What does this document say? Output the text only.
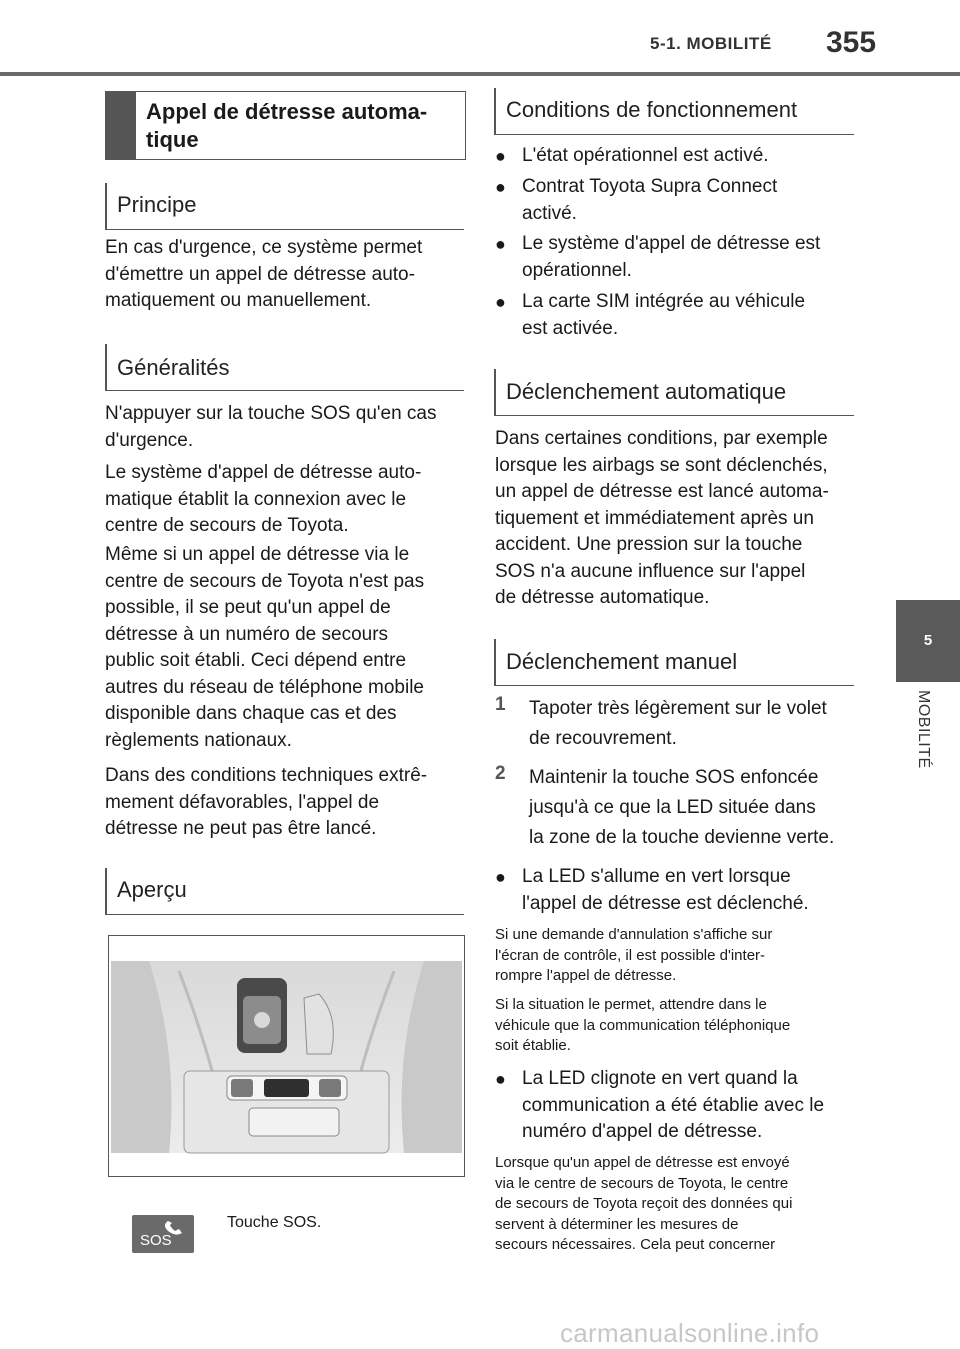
5-1. MOBILITÉ 355
5
MOBILITÉ
Appel de détresse automa-
tique
Principe
En cas d'urgence, ce système permet
d'émettre un appel de détresse auto-
matiquement ou manuellement.
Généralités
N'appuyer sur la touche SOS qu'en cas
d'urgence.
Le système d'appel de détresse auto-
matique établit la connexion avec le
centre de secours de Toyota.
Même si un appel de détresse via le
centre de secours de Toyota n'est pas
possible, il se peut qu'un appel de
détresse à un numéro de secours
public soit établi. Ceci dépend entre
autres du réseau de téléphone mobile
disponible dans chaque cas et des
règlements nationaux.
Dans des conditions techniques extrê-
mement défavorables, l'appel de
détresse ne peut pas être lancé.
Aperçu
SOS
Touche SOS.
Conditions de fonctionnement
● L'état opérationnel est activé.
● Contrat Toyota Supra Connect
activé.
● Le système d'appel de détresse est
opérationnel.
● La carte SIM intégrée au véhicule
est activée.
Déclenchement automatique
Dans certaines conditions, par exemple
lorsque les airbags se sont déclenchés,
un appel de détresse est lancé automa-
tiquement et immédiatement après un
accident. Une pression sur la touche
SOS n'a aucune influence sur l'appel
de détresse automatique.
Déclenchement manuel
1 Tapoter très légèrement sur le volet
de recouvrement.
2 Maintenir la touche SOS enfoncée
jusqu'à ce que la LED située dans
la zone de la touche devienne verte.
● La LED s'allume en vert lorsque
l'appel de détresse est déclenché.
Si une demande d'annulation s'affiche sur
l'écran de contrôle, il est possible d'inter-
rompre l'appel de détresse.
Si la situation le permet, attendre dans le
véhicule que la communication téléphonique
soit établie.
● La LED clignote en vert quand la
communication a été établie avec le
numéro d'appel de détresse.
Lorsque qu'un appel de détresse est envoyé
via le centre de secours de Toyota, le centre
de secours de Toyota reçoit des données qui
servent à déterminer les mesures de
secours nécessaires. Cela peut concerner
carmanualsonline.info
